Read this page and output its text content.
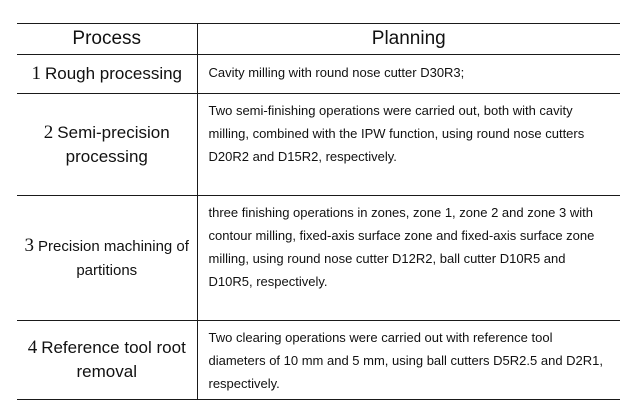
Process	Planning
1 Rough processing	Cavity milling with round nose cutter D30R3;
2 Semi-precision processing	Two semi-finishing operations were carried out, both with cavity milling, combined with the IPW function, using round nose cutters D20R2 and D15R2, respectively.
3 Precision machining of partitions	three finishing operations in zones, zone 1, zone 2 and zone 3 with contour milling, fixed-axis surface zone and fixed-axis surface zone milling, using round nose cutter D12R2, ball cutter D10R5 and D10R5, respectively.
4 Reference tool root removal	Two clearing operations were carried out with reference tool diameters of 10 mm and 5 mm, using ball cutters D5R2.5 and D2R1, respectively.
